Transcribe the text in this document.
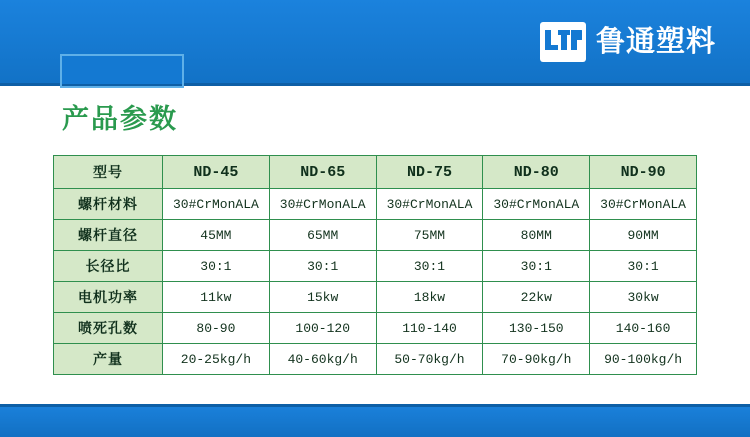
鲁通塑料
产品参数
型号	ND-45	ND-65	ND-75	ND-80	ND-90
螺杆材料	30#CrMonALA	30#CrMonALA	30#CrMonALA	30#CrMonALA	30#CrMonALA
螺杆直径	45MM	65MM	75MM	80MM	90MM
长径比	30:1	30:1	30:1	30:1	30:1
电机功率	11kw	15kw	18kw	22kw	30kw
喷死孔数	80-90	100-120	110-140	130-150	140-160
产量	20-25kg/h	40-60kg/h	50-70kg/h	70-90kg/h	90-100kg/h
